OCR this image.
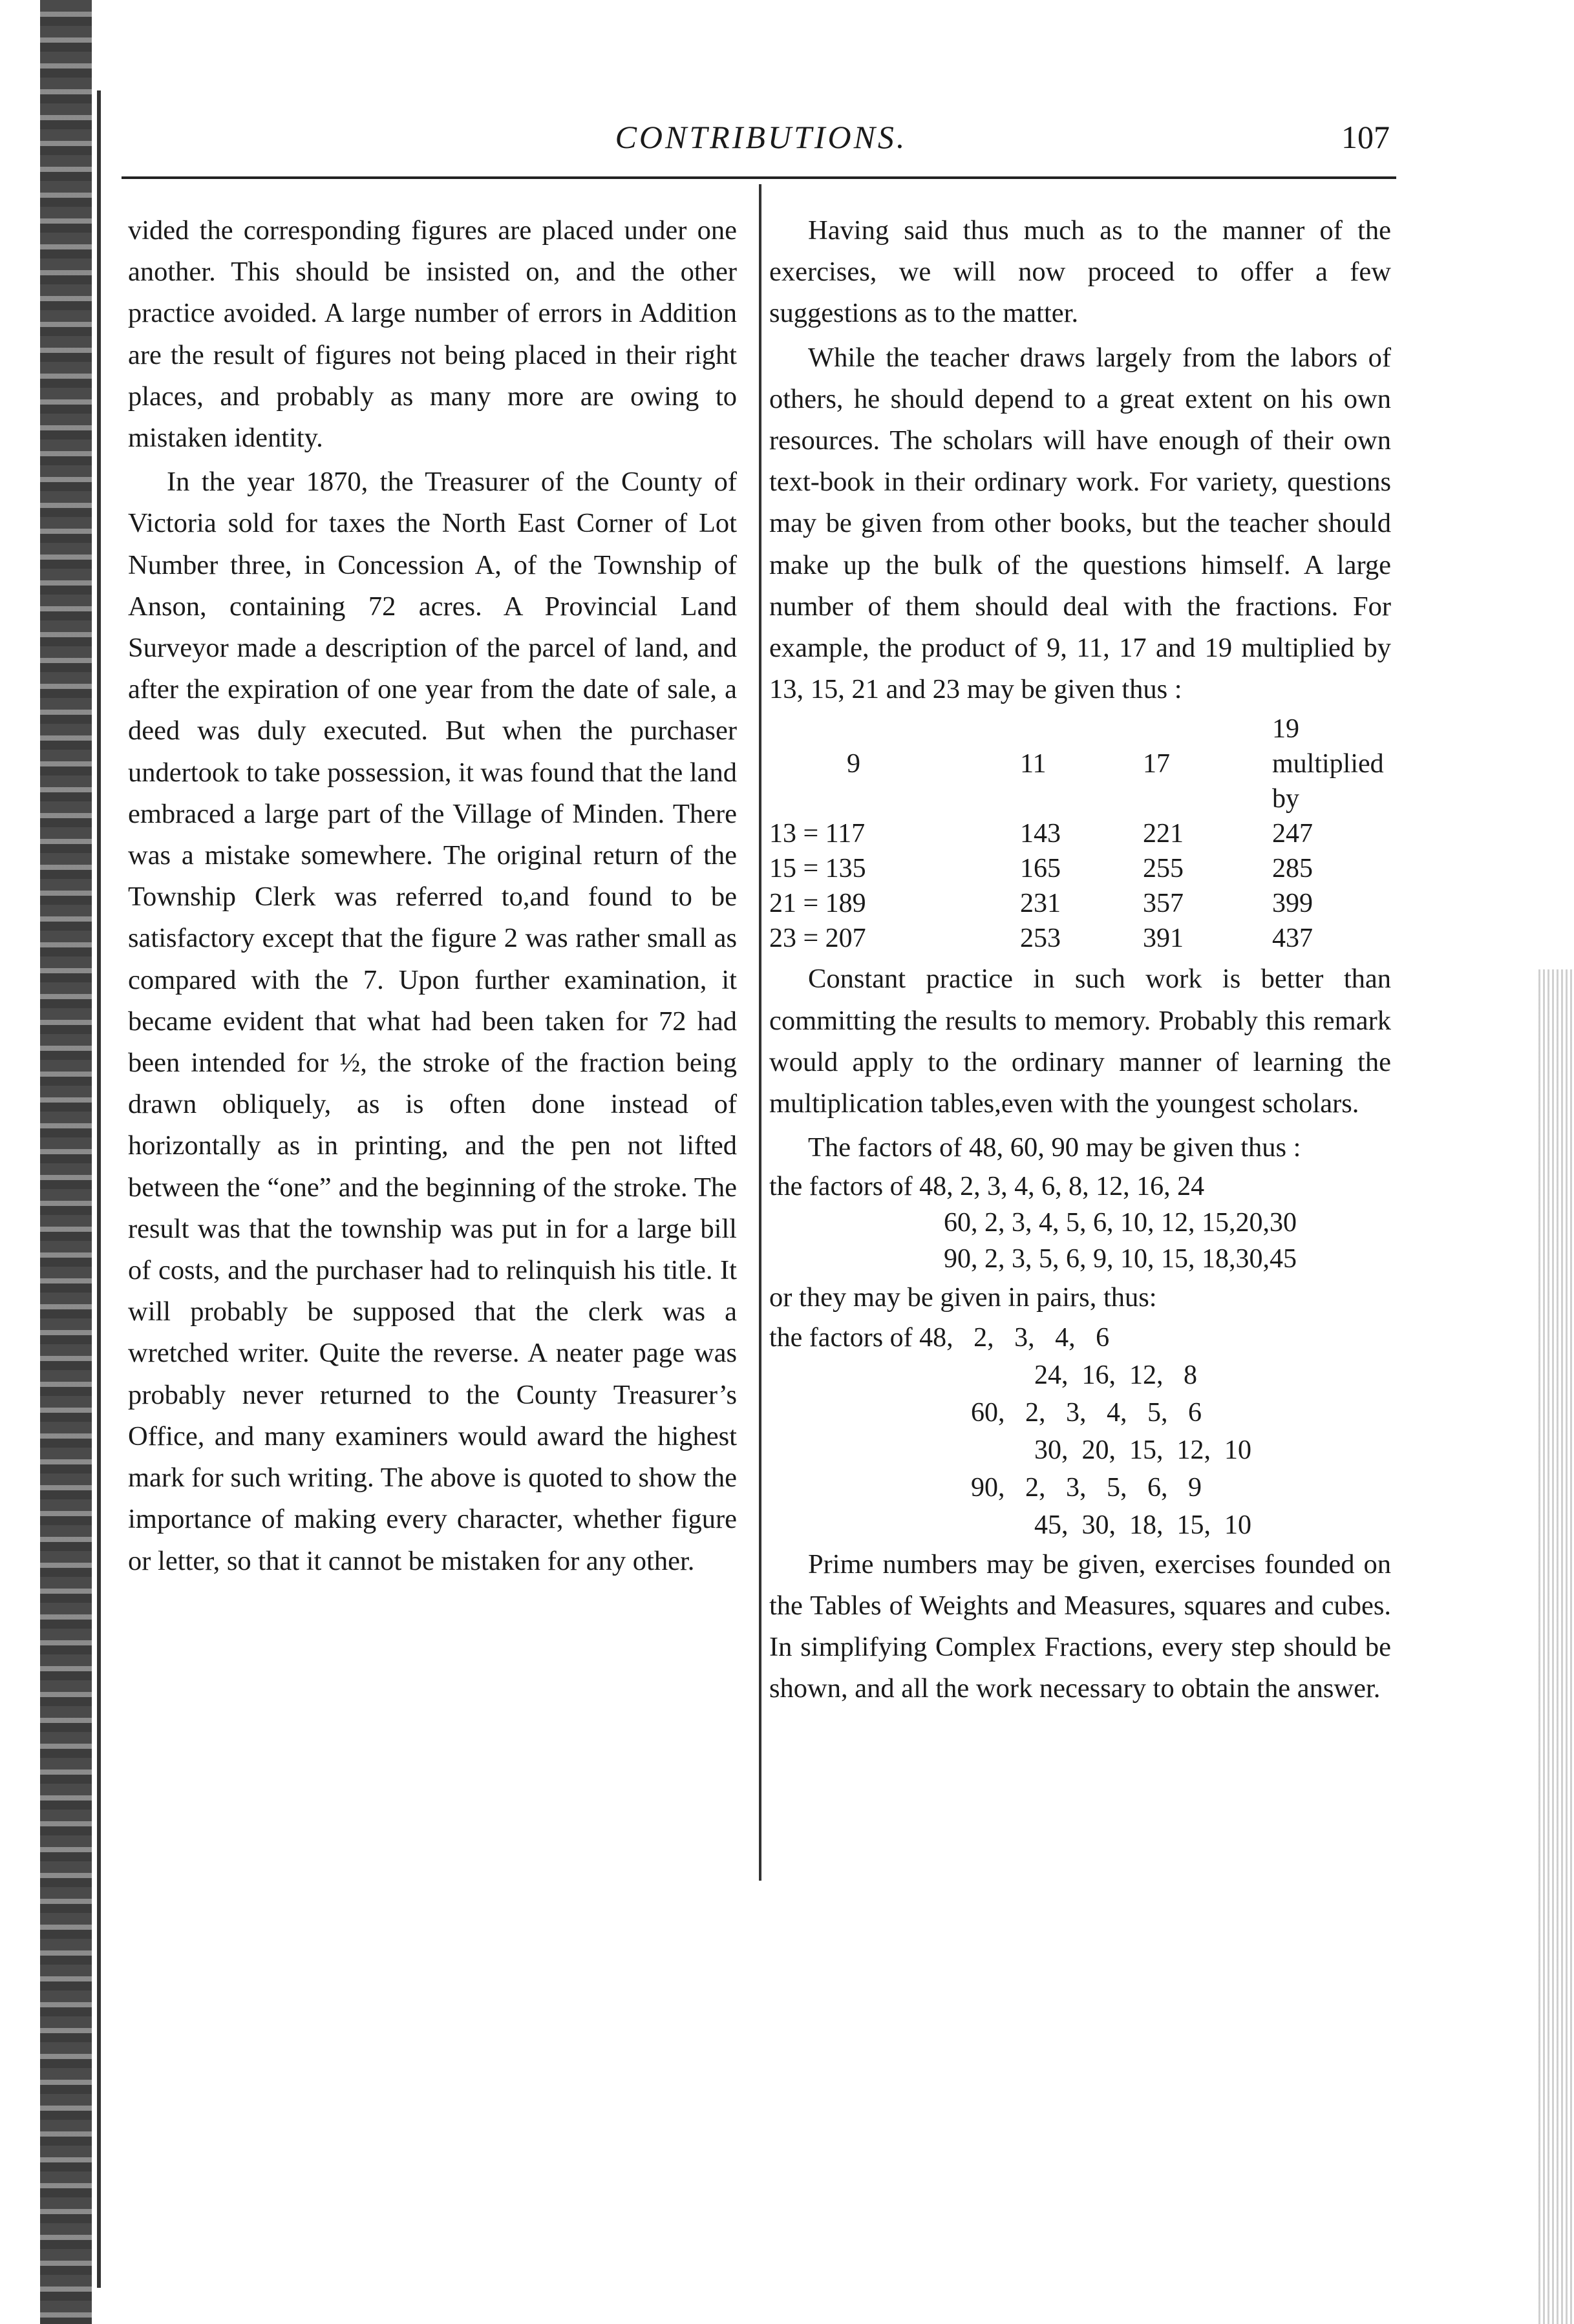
CONTRIBUTIONS.	107

vided the corresponding figures are placed under one another. This should be insisted on, and the other practice avoided. A large number of errors in Addition are the result of figures not being placed in their right places, and probably as many more are owing to mistaken identity.

In the year 1870, the Treasurer of the County of Victoria sold for taxes the North East Corner of Lot Number three, in Concession A, of the Township of Anson, containing 72 acres. A Provincial Land Surveyor made a description of the parcel of land, and after the expiration of one year from the date of sale, a deed was duly executed. But when the purchaser undertook to take possession, it was found that the land embraced a large part of the Village of Minden. There was a mistake somewhere. The original return of the Township Clerk was referred to,and found to be satisfactory except that the figure 2 was rather small as compared with the 7. Upon further examination, it became evident that what had been taken for 72 had been intended for ½, the stroke of the fraction being drawn obliquely, as is often done instead of horizontally as in printing, and the pen not lifted between the “one” and the beginning of the stroke. The result was that the township was put in for a large bill of costs, and the purchaser had to relinquish his title. It will probably be supposed that the clerk was a wretched writer. Quite the reverse. A neater page was probably never returned to the County Treasurer’s Office, and many examiners would award the highest mark for such writing. The above is quoted to show the importance of making every character, whether figure or letter, so that it cannot be mistaken for any other.

Having said thus much as to the manner of the exercises, we will now proceed to offer a few suggestions as to the matter.

While the teacher draws largely from the labors of others, he should depend to a great extent on his own resources. The scholars will have enough of their own text-book in their ordinary work. For variety, questions may be given from other books, but the teacher should make up the bulk of the questions himself. A large number of them should deal with the fractions. For example, the product of 9, 11, 17 and 19 multiplied by 13, 15, 21 and 23 may be given thus :

9	11	17	19 multiplied by
13 = 117	143	221	247
15 = 135	165	255	285
21 = 189	231	357	399
23 = 207	253	391	437

Constant practice in such work is better than committing the results to memory. Probably this remark would apply to the ordinary manner of learning the multiplication tables,even with the youngest scholars.

The factors of 48, 60, 90 may be given thus :

the factors of 48, 2, 3, 4, 6, 8, 12, 16, 24
60, 2, 3, 4, 5, 6, 10, 12, 15,20,30
90, 2, 3, 5, 6, 9, 10, 15, 18,30,45

or they may be given in pairs, thus:

the factors of 48,   2,   3,   4,   6
24,  16,  12,   8
60,   2,   3,   4,   5,   6
30,  20,  15,  12,  10
90,   2,   3,   5,   6,   9
45,  30,  18,  15,  10

Prime numbers may be given, exercises founded on the Tables of Weights and Measures, squares and cubes. In simplifying Complex Fractions, every step should be shown, and all the work necessary to obtain the answer.
